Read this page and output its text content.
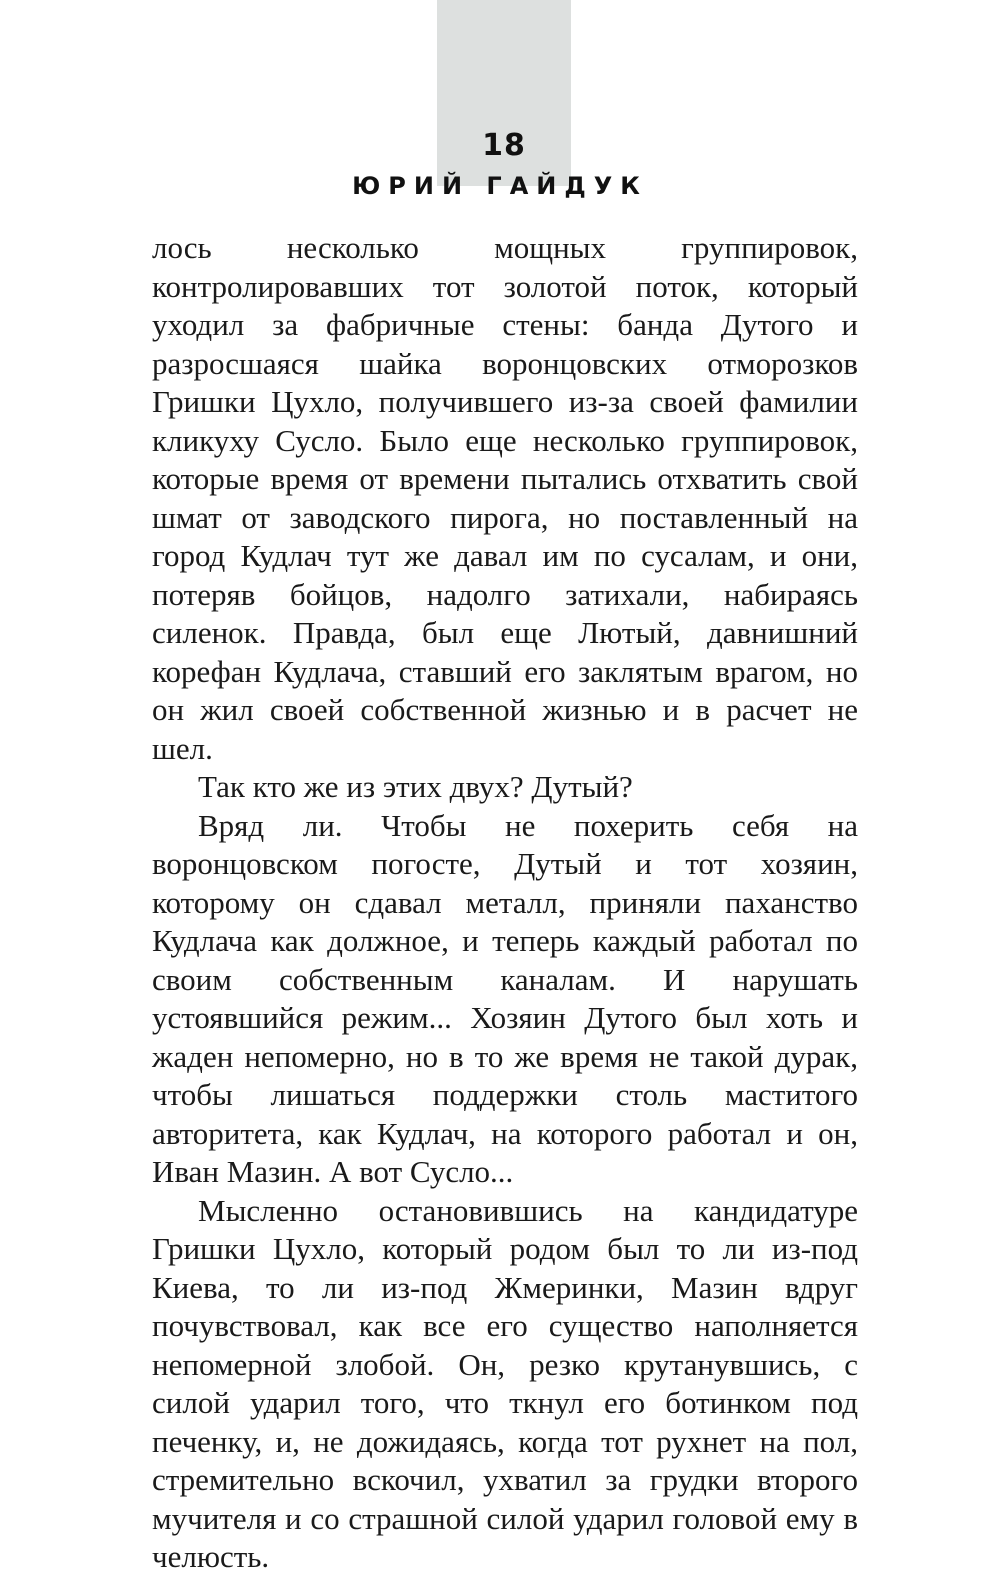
18
ЮРИЙ ГАЙДУК

лось несколько мощных группировок, контролировавших тот золотой поток, который уходил за фабричные стены: банда Дутого и разросшаяся шайка воронцовских отморозков Гришки Цухло, получившего из-за своей фамилии кликуху Сусло. Было еще несколько группировок, которые время от времени пытались отхватить свой шмат от заводского пирога, но поставленный на город Кудлач тут же давал им по сусалам, и они, потеряв бойцов, надолго затихали, набираясь силенок. Правда, был еще Лютый, давнишний корефан Кудлача, ставший его заклятым врагом, но он жил своей собственной жизнью и в расчет не шел.

Так кто же из этих двух? Дутый?

Вряд ли. Чтобы не похерить себя на воронцовском погосте, Дутый и тот хозяин, которому он сдавал металл, приняли паханство Кудлача как должное, и теперь каждый работал по своим собственным каналам. И нарушать устоявшийся режим... Хозяин Дутого был хоть и жаден непомерно, но в то же время не такой дурак, чтобы лишаться поддержки столь маститого авторитета, как Кудлач, на которого работал и он, Иван Мазин. А вот Сусло...

Мысленно остановившись на кандидатуре Гришки Цухло, который родом был то ли из-под Киева, то ли из-под Жмеринки, Мазин вдруг почувствовал, как все его существо наполняется непомерной злобой. Он, резко крутанувшись, с силой ударил того, что ткнул его ботинком под печенку, и, не дожидаясь, когда тот рухнет на пол, стремительно вскочил, ухватил за грудки второго мучителя и со страшной силой ударил головой ему в челюсть.
